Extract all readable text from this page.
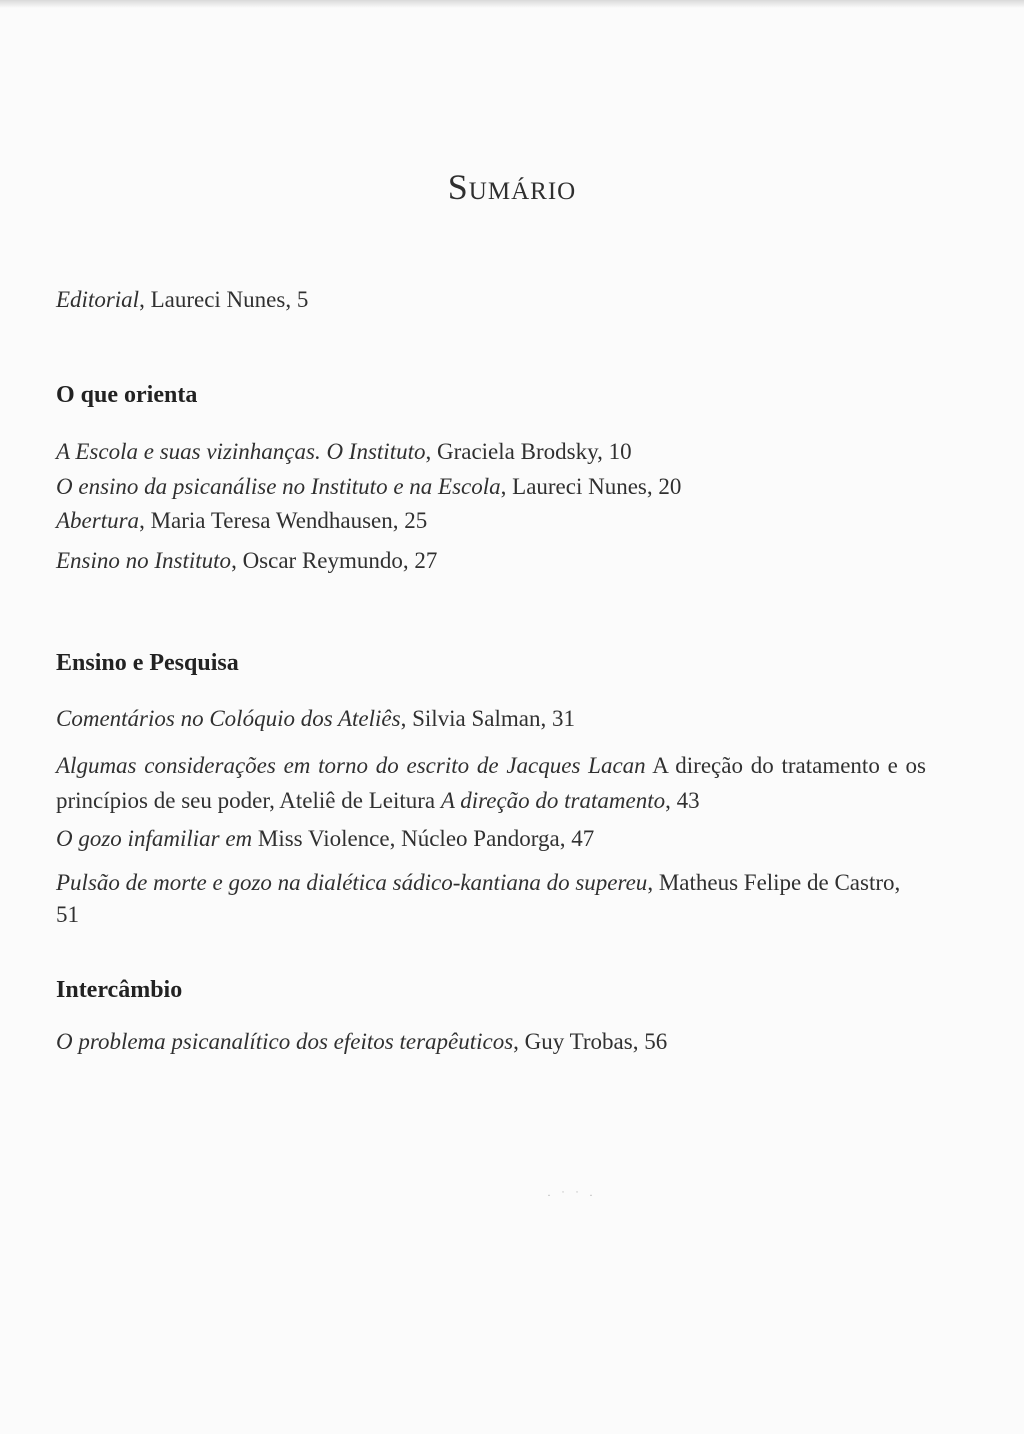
Sumário
Editorial, Laureci Nunes, 5
O que orienta
A Escola e suas vizinhanças. O Instituto, Graciela Brodsky, 10
O ensino da psicanálise no Instituto e na Escola, Laureci Nunes, 20
Abertura, Maria Teresa Wendhausen, 25
Ensino no Instituto, Oscar Reymundo, 27
Ensino e Pesquisa
Comentários no Colóquio dos Ateliês, Silvia Salman, 31
Algumas considerações em torno do escrito de Jacques Lacan A direção do tratamento e os princípios de seu poder, Ateliê de Leitura A direção do tratamento, 43
O gozo infamiliar em Miss Violence, Núcleo Pandorga, 47
Pulsão de morte e gozo na dialética sádico-kantiana do supereu, Matheus Felipe de Castro, 51
Intercâmbio
O problema psicanalítico dos efeitos terapêuticos, Guy Trobas, 56
·˙˙·
